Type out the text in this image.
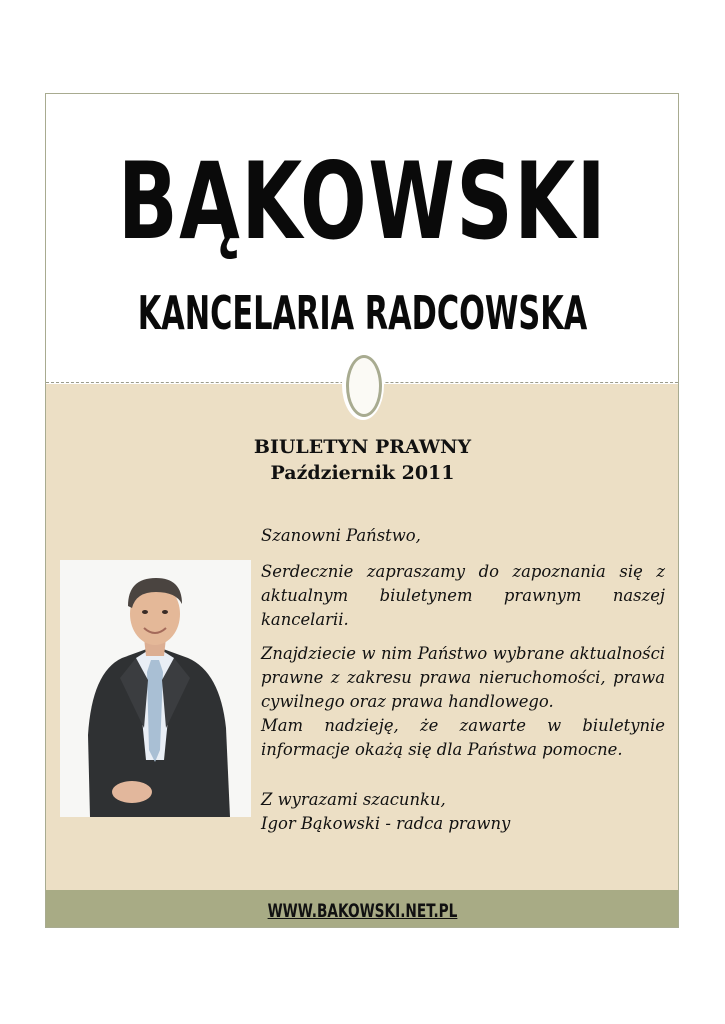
BĄKOWSKI
KANCELARIA RADCOWSKA
BIULETYN PRAWNY
Październik 2011

Szanowni Państwo,

Serdecznie zapraszamy do zapoznania się z aktualnym biuletynem prawnym naszej kancelarii.

Znajdziecie w nim Państwo wybrane aktualności prawne z zakresu prawa nieruchomości, prawa cywilnego oraz prawa handlowego.

Mam nadzieję, że zawarte w biuletynie informacje okażą się dla Państwa pomocne.

Z wyrazami szacunku,

Igor Bąkowski - radca prawny

WWW.BAKOWSKI.NET.PL
